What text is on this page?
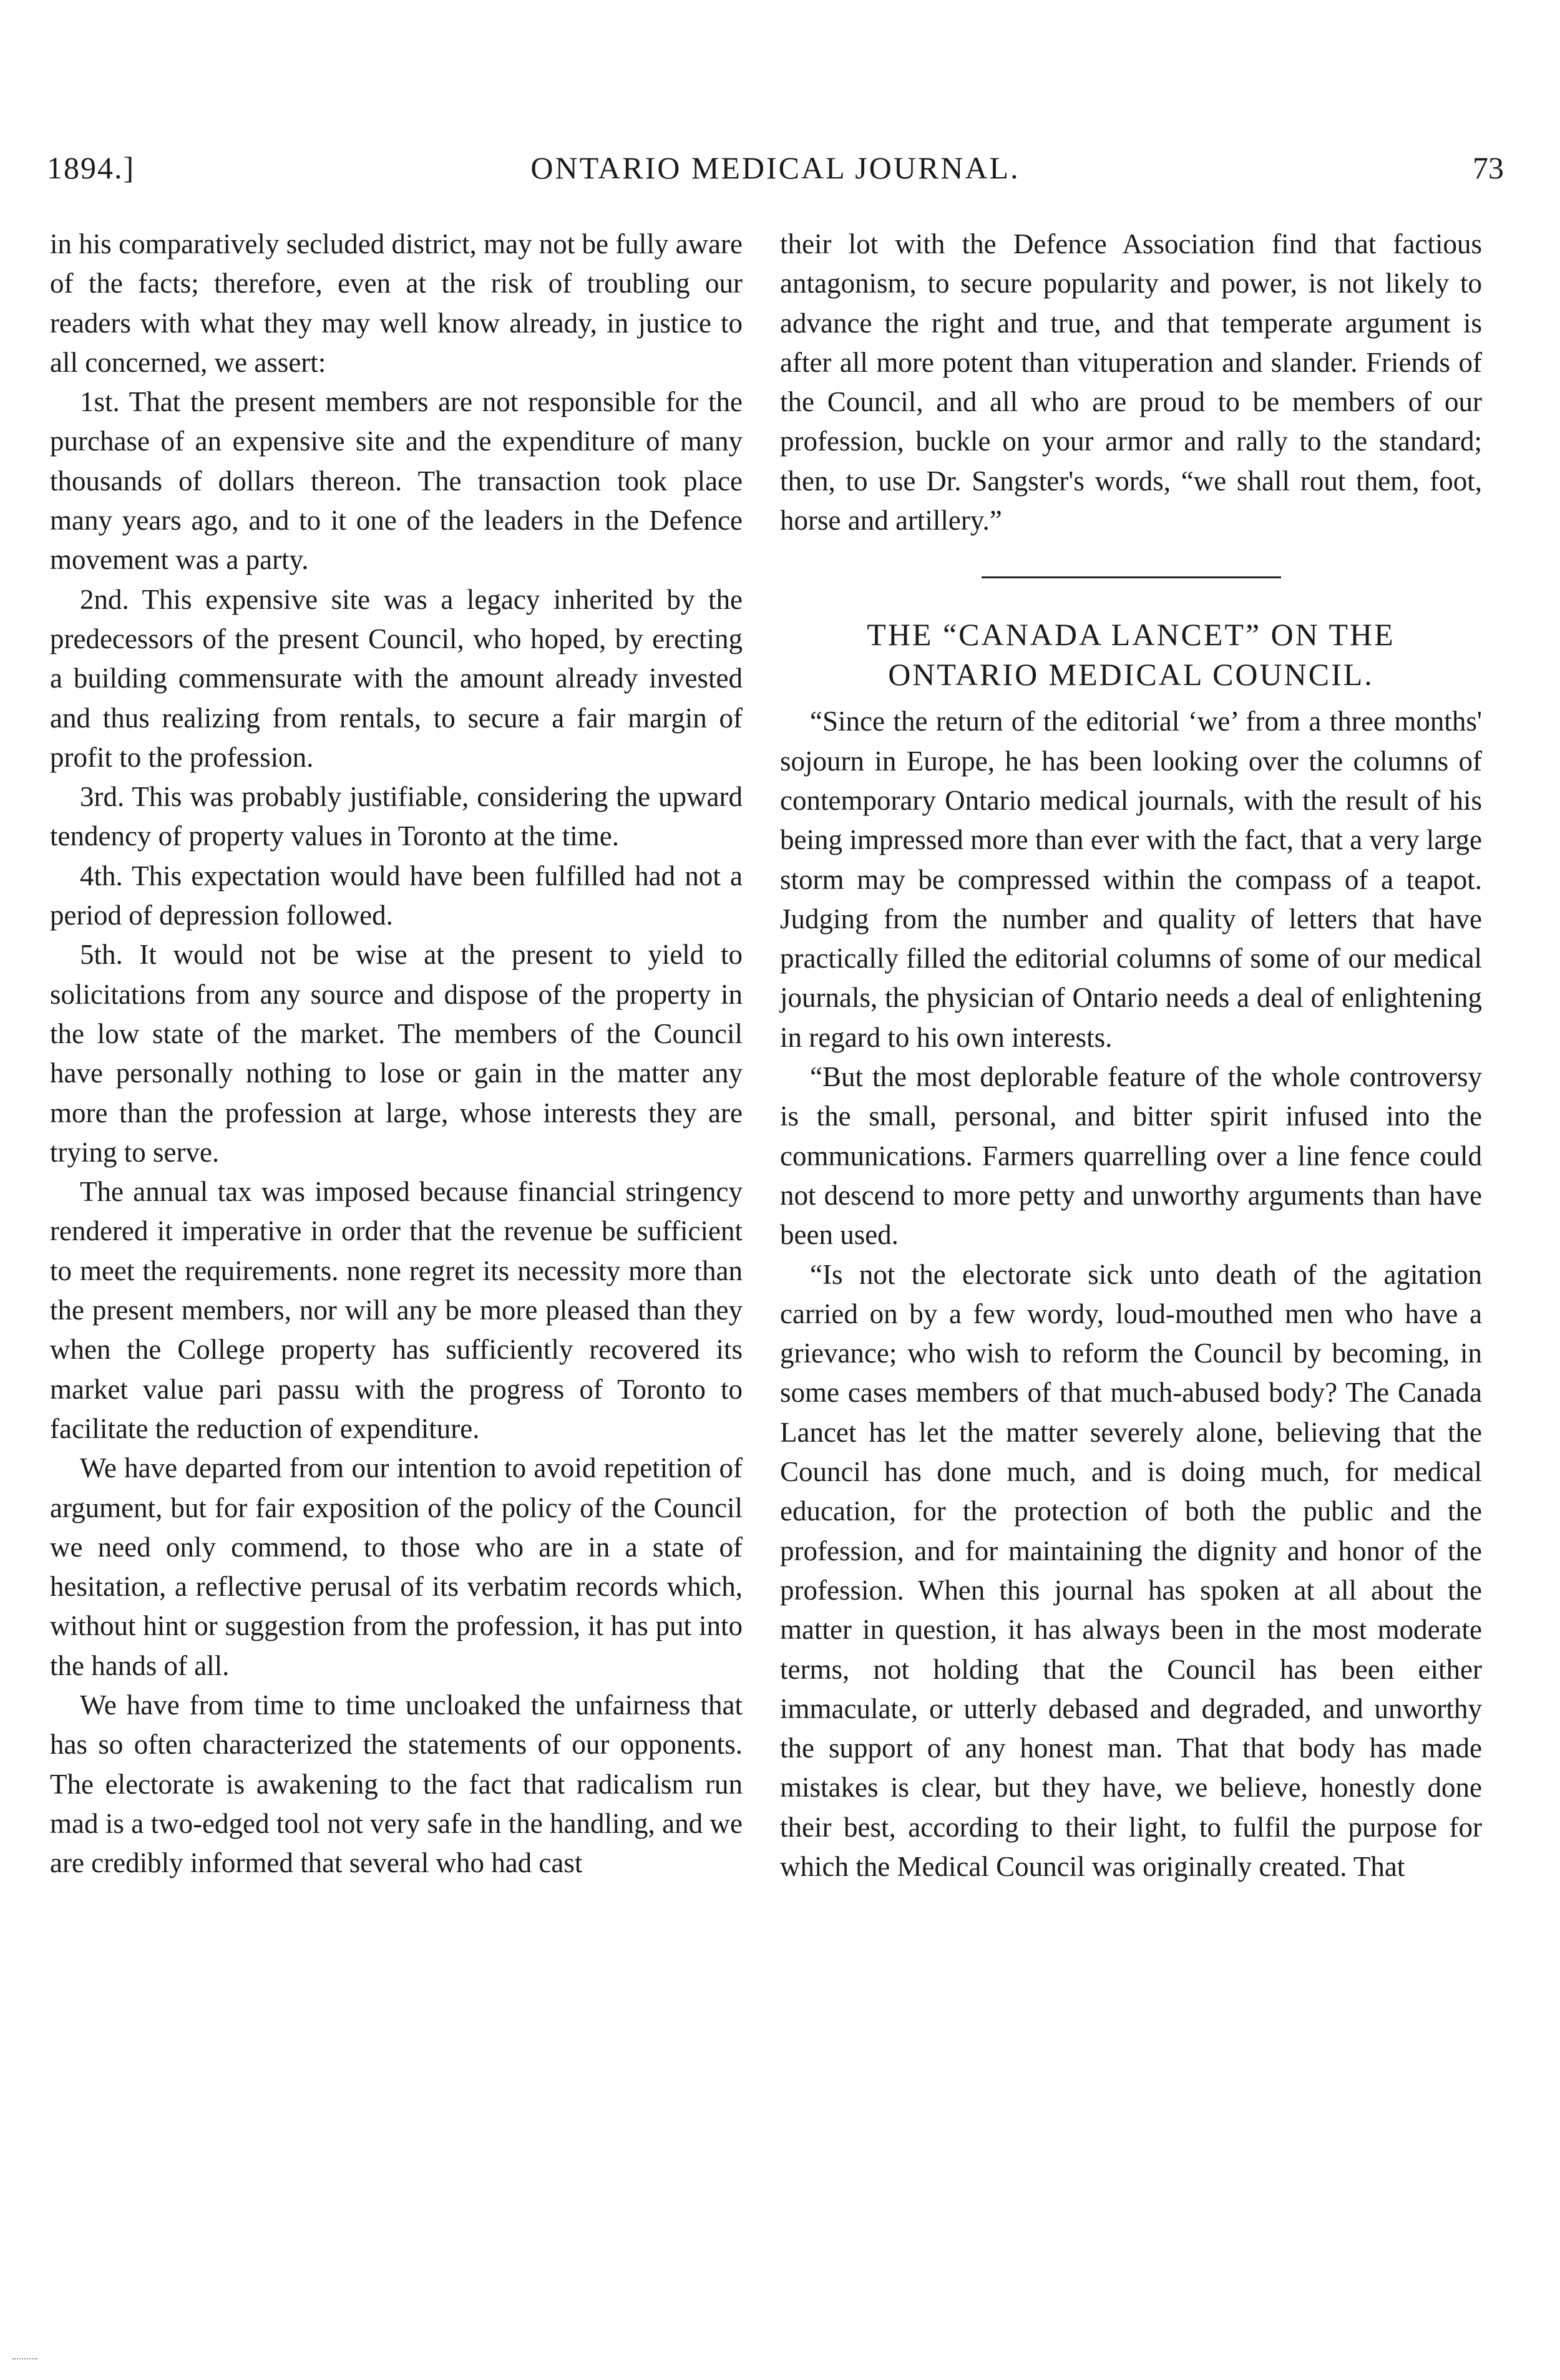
1894.]	ONTARIO MEDICAL JOURNAL.	73

in his comparatively secluded district, may not be fully aware of the facts; therefore, even at the risk of troubling our readers with what they may well know already, in justice to all concerned, we assert:

1st. That the present members are not responsible for the purchase of an expensive site and the expenditure of many thousands of dollars thereon. The transaction took place many years ago, and to it one of the leaders in the Defence movement was a party.

2nd. This expensive site was a legacy inherited by the predecessors of the present Council, who hoped, by erecting a building commensurate with the amount already invested and thus realizing from rentals, to secure a fair margin of profit to the profession.

3rd. This was probably justifiable, considering the upward tendency of property values in Toronto at the time.

4th. This expectation would have been fulfilled had not a period of depression followed.

5th. It would not be wise at the present to yield to solicitations from any source and dispose of the property in the low state of the market. The members of the Council have personally nothing to lose or gain in the matter any more than the profession at large, whose interests they are trying to serve.

The annual tax was imposed because financial stringency rendered it imperative in order that the revenue be sufficient to meet the requirements. none regret its necessity more than the present members, nor will any be more pleased than they when the College property has sufficiently recovered its market value pari passu with the progress of Toronto to facilitate the reduction of expenditure.

We have departed from our intention to avoid repetition of argument, but for fair exposition of the policy of the Council we need only commend, to those who are in a state of hesitation, a reflective perusal of its verbatim records which, without hint or suggestion from the profession, it has put into the hands of all.

We have from time to time uncloaked the unfairness that has so often characterized the statements of our opponents. The electorate is awakening to the fact that radicalism run mad is a two-edged tool not very safe in the handling, and we are credibly informed that several who had cast

their lot with the Defence Association find that factious antagonism, to secure popularity and power, is not likely to advance the right and true, and that temperate argument is after all more potent than vituperation and slander. Friends of the Council, and all who are proud to be members of our profession, buckle on your armor and rally to the standard; then, to use Dr. Sangster's words, “we shall rout them, foot, horse and artillery.”

THE “CANADA LANCET” ON THE
ONTARIO MEDICAL COUNCIL.

“Since the return of the editorial ‘we’ from a three months' sojourn in Europe, he has been looking over the columns of contemporary Ontario medical journals, with the result of his being impressed more than ever with the fact, that a very large storm may be compressed within the compass of a teapot. Judging from the number and quality of letters that have practically filled the editorial columns of some of our medical journals, the physician of Ontario needs a deal of enlightening in regard to his own interests.

“But the most deplorable feature of the whole controversy is the small, personal, and bitter spirit infused into the communications. Farmers quarrelling over a line fence could not descend to more petty and unworthy arguments than have been used.

“Is not the electorate sick unto death of the agitation carried on by a few wordy, loud-mouthed men who have a grievance; who wish to reform the Council by becoming, in some cases members of that much-abused body? The Canada Lancet has let the matter severely alone, believing that the Council has done much, and is doing much, for medical education, for the protection of both the public and the profession, and for maintaining the dignity and honor of the profession. When this journal has spoken at all about the matter in question, it has always been in the most moderate terms, not holding that the Council has been either immaculate, or utterly debased and degraded, and unworthy the support of any honest man. That that body has made mistakes is clear, but they have, we believe, honestly done their best, according to their light, to fulfil the purpose for which the Medical Council was originally created. That
